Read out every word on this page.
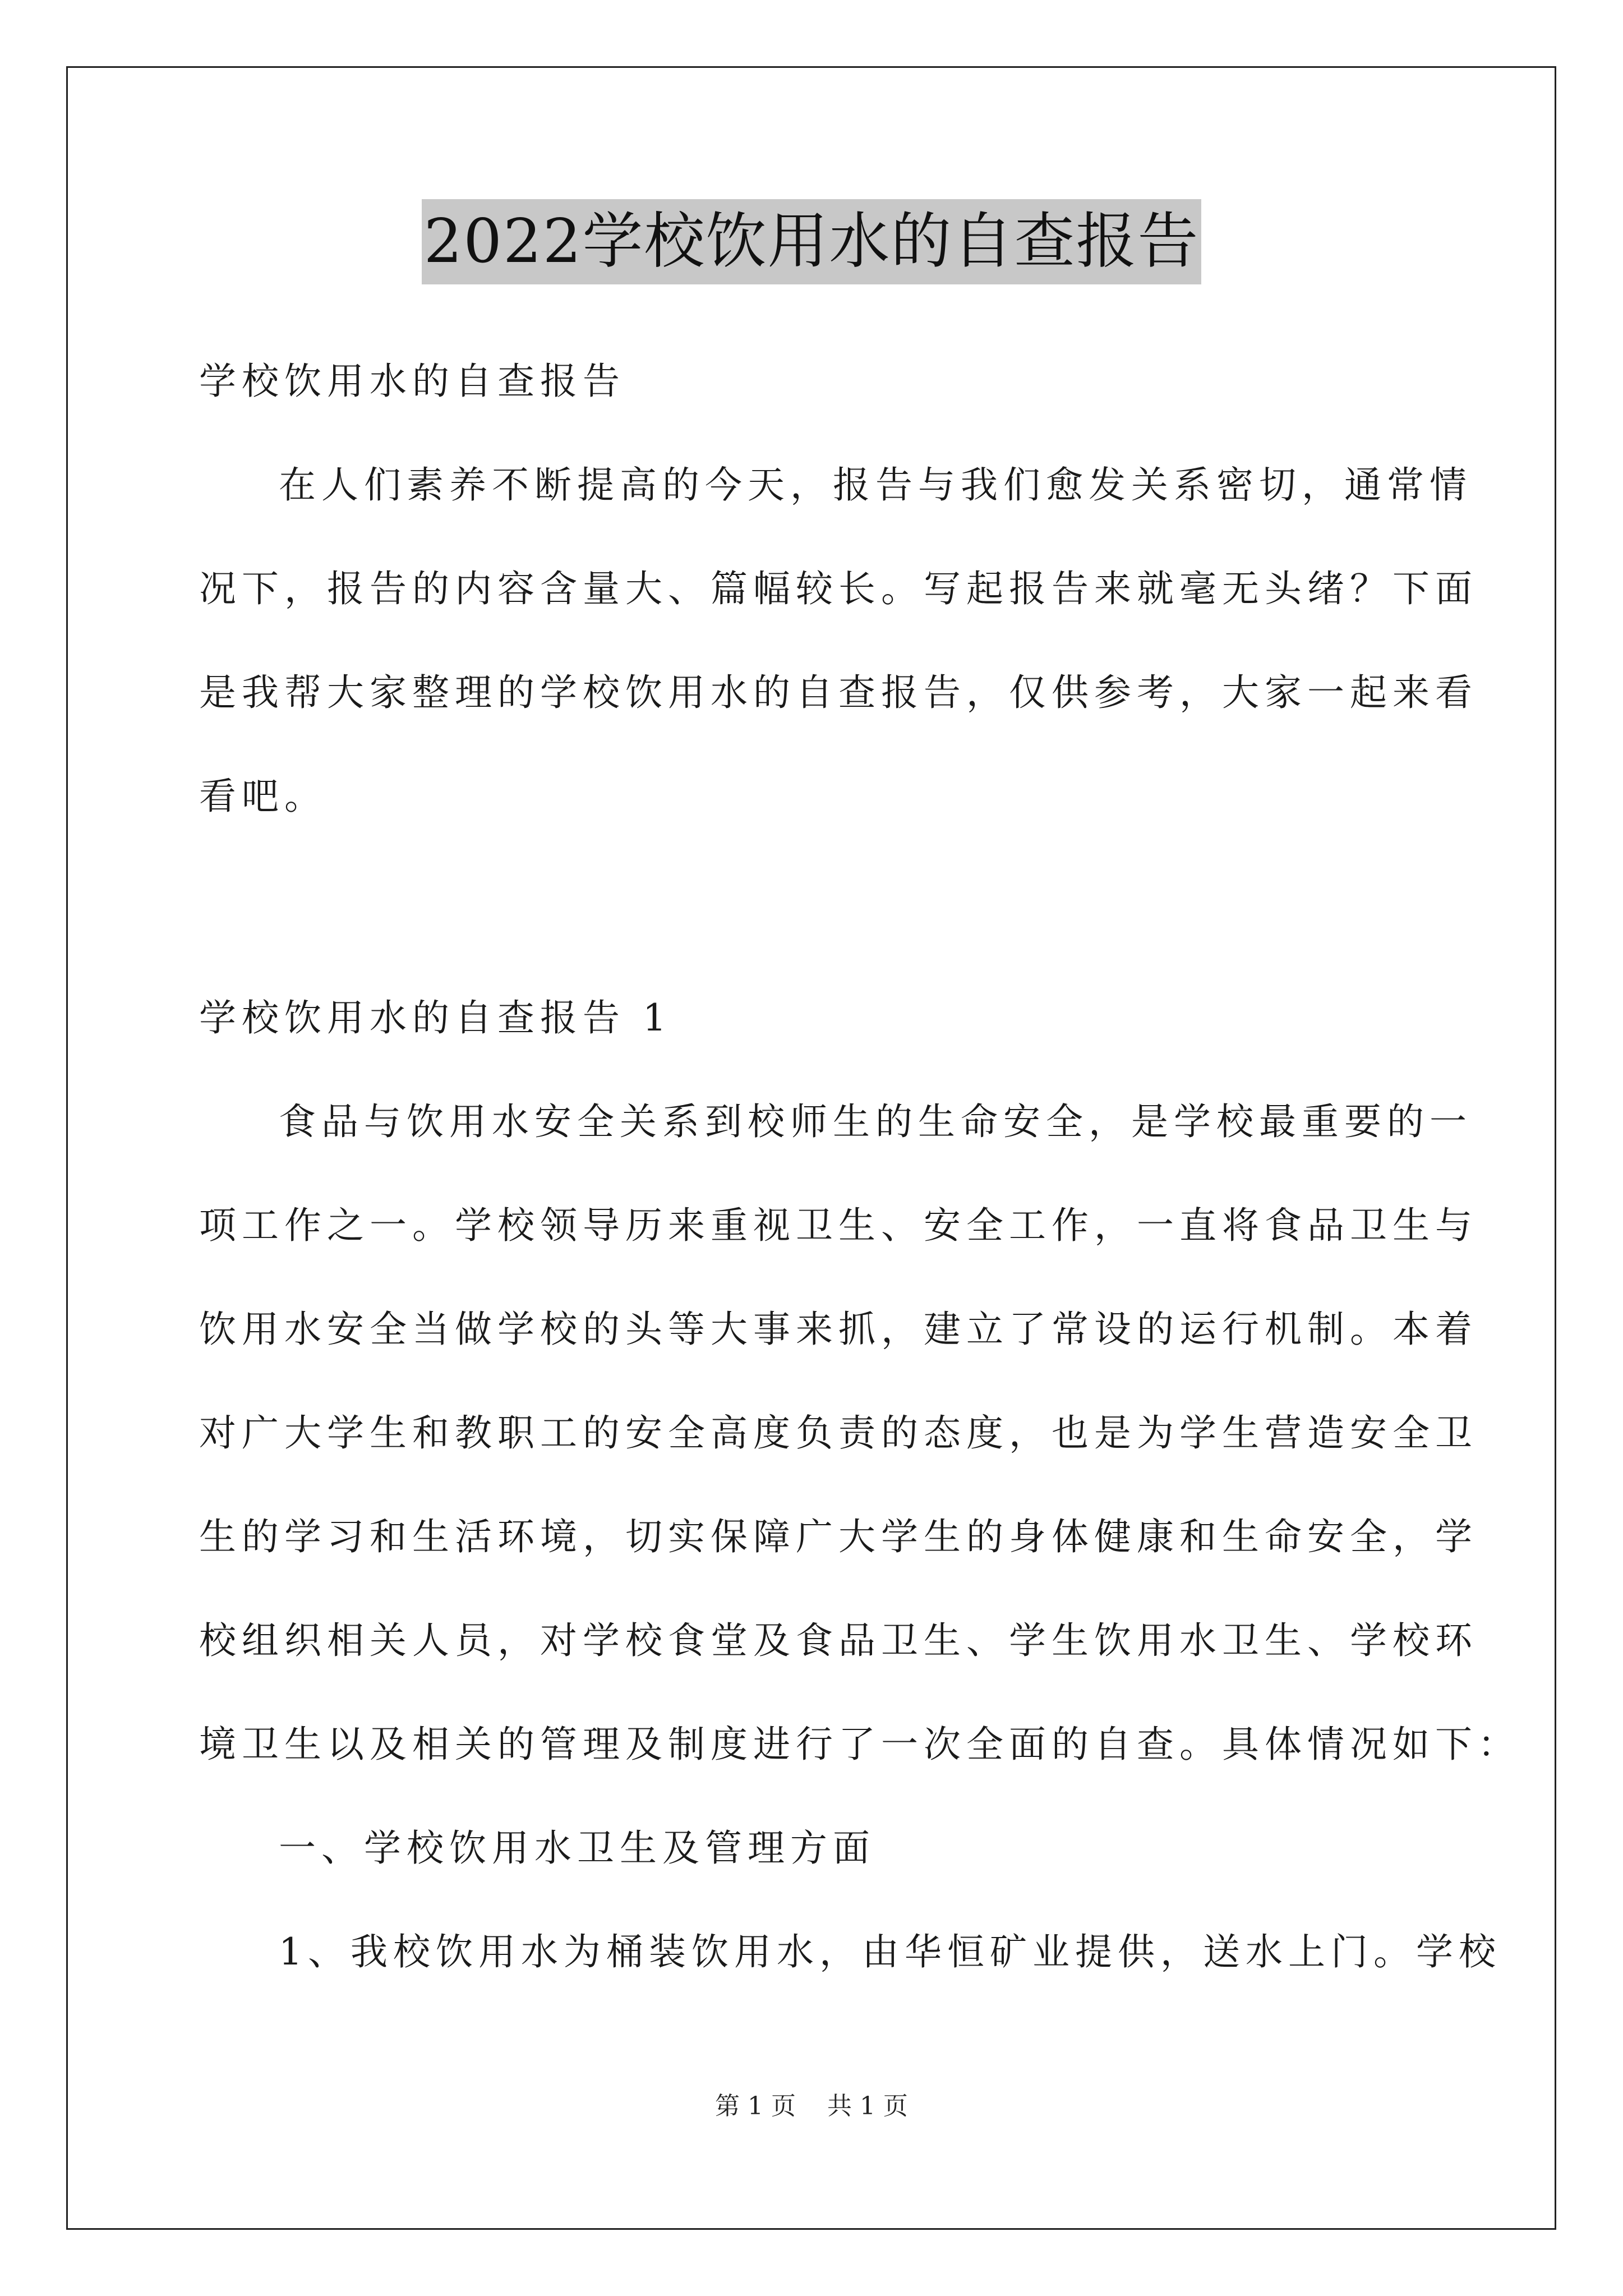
2022学校饮用水的自查报告
学校饮用水的自查报告
在人们素养不断提高的今天，报告与我们愈发关系密切，通常情
况下，报告的内容含量大、篇幅较长。写起报告来就毫无头绪？下面
是我帮大家整理的学校饮用水的自查报告，仅供参考，大家一起来看
看吧。
学校饮用水的自查报告 1
食品与饮用水安全关系到校师生的生命安全，是学校最重要的一
项工作之一。学校领导历来重视卫生、安全工作，一直将食品卫生与
饮用水安全当做学校的头等大事来抓，建立了常设的运行机制。本着
对广大学生和教职工的安全高度负责的态度，也是为学生营造安全卫
生的学习和生活环境，切实保障广大学生的身体健康和生命安全，学
校组织相关人员，对学校食堂及食品卫生、学生饮用水卫生、学校环
境卫生以及相关的管理及制度进行了一次全面的自查。具体情况如下：
一、学校饮用水卫生及管理方面
1、我校饮用水为桶装饮用水，由华恒矿业提供，送水上门。学校
第 1 页    共 1 页
